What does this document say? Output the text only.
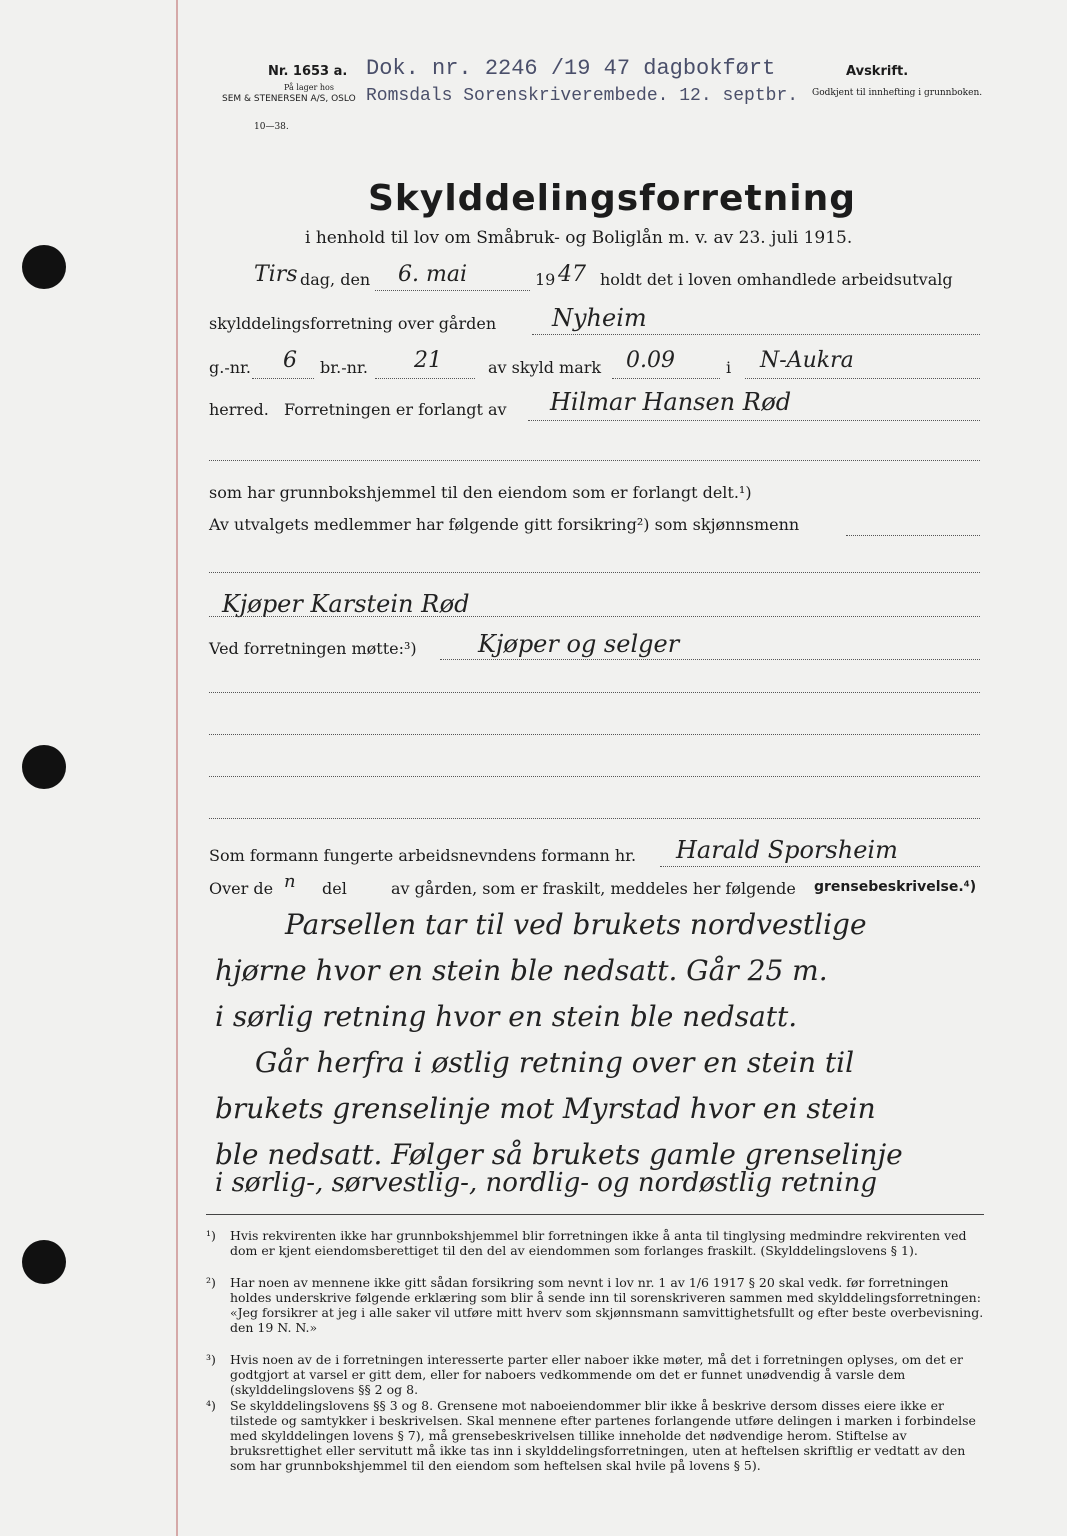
Nr. 1653 a.
På lager hos
SEM & STENERSEN A/S, OSLO
10—38.
Dok. nr. 2246 /19 47 dagbokført
Romsdals Sorenskriverembede. 12. septbr.
Avskrift.
Godkjent til innhefting i grunnboken.
Skylddelingsforretning
i henhold til lov om Småbruk- og Boliglån m. v. av 23. juli 1915.
Tirs dag, den 6. mai	19 47 holdt det i loven omhandlede arbeidsutvalg
skylddelingsforretning over gården Nyheim
g.-nr. 6 br.-nr. 21	av skyld mark 0.09	i N-Aukra
herred. Forretningen er forlangt av Hilmar Hansen Rød
som har grunnbokshjemmel til den eiendom som er forlangt delt.¹)
Av utvalgets medlemmer har følgende gitt forsikring²) som skjønnsmenn
Kjøper Karstein Rød
Ved forretningen møtte:³)	Kjøper og selger
Som formann fungerte arbeidsnevndens formann hr. Harald Sporsheim
Over de n del	av gården, som er fraskilt, meddeles her følgende grensebeskrivelse.⁴)
Parsellen tar til ved brukets nordvestlige
hjørne hvor en stein ble nedsatt. Går 25 m.
i sørlig retning hvor en stein ble nedsatt.
Går herfra i østlig retning over en stein til
brukets grenselinje mot Myrstad hvor en stein
ble nedsatt. Følger så brukets gamle grenselinje
i sørlig-, sørvestlig-, nordlig- og nordøstlig retning
¹) Hvis rekvirenten ikke har grunnbokshjemmel blir forretningen ikke å anta til tinglysing medmindre rekvirenten ved dom er kjent eiendomsberettiget til den del av eiendommen som forlanges fraskilt. (Skylddelingslovens § 1).
²) Har noen av mennene ikke gitt sådan forsikring som nevnt i lov nr. 1 av 1/6 1917 § 20 skal vedk. før forretningen holdes underskrive følgende erklæring som blir å sende inn til sorenskriveren sammen med skylddelingsforretningen: «Jeg forsikrer at jeg i alle saker vil utføre mitt hverv som skjønnsmann samvittighetsfullt og efter beste overbevisning. den 19 N. N.»
³) Hvis noen av de i forretningen interesserte parter eller naboer ikke møter, må det i forretningen oplyses, om det er godtgjort at varsel er gitt dem, eller for naboers vedkommende om det er funnet unødvendig å varsle dem (skylddelingslovens §§ 2 og 8.
⁴) Se skylddelingslovens §§ 3 og 8. Grensene mot naboeiendommer blir ikke å beskrive dersom disses eiere ikke er tilstede og samtykker i beskrivelsen. Skal mennene efter partenes forlangende utføre delingen i marken i forbindelse med skylddelingen lovens § 7), må grensebeskrivelsen tillike inneholde det nødvendige herom. Stiftelse av bruksrettighet eller servitutt må ikke tas inn i skylddelingsforretningen, uten at heftelsen skriftlig er vedtatt av den som har grunnbokshjemmel til den eiendom som heftelsen skal hvile på lovens § 5).
